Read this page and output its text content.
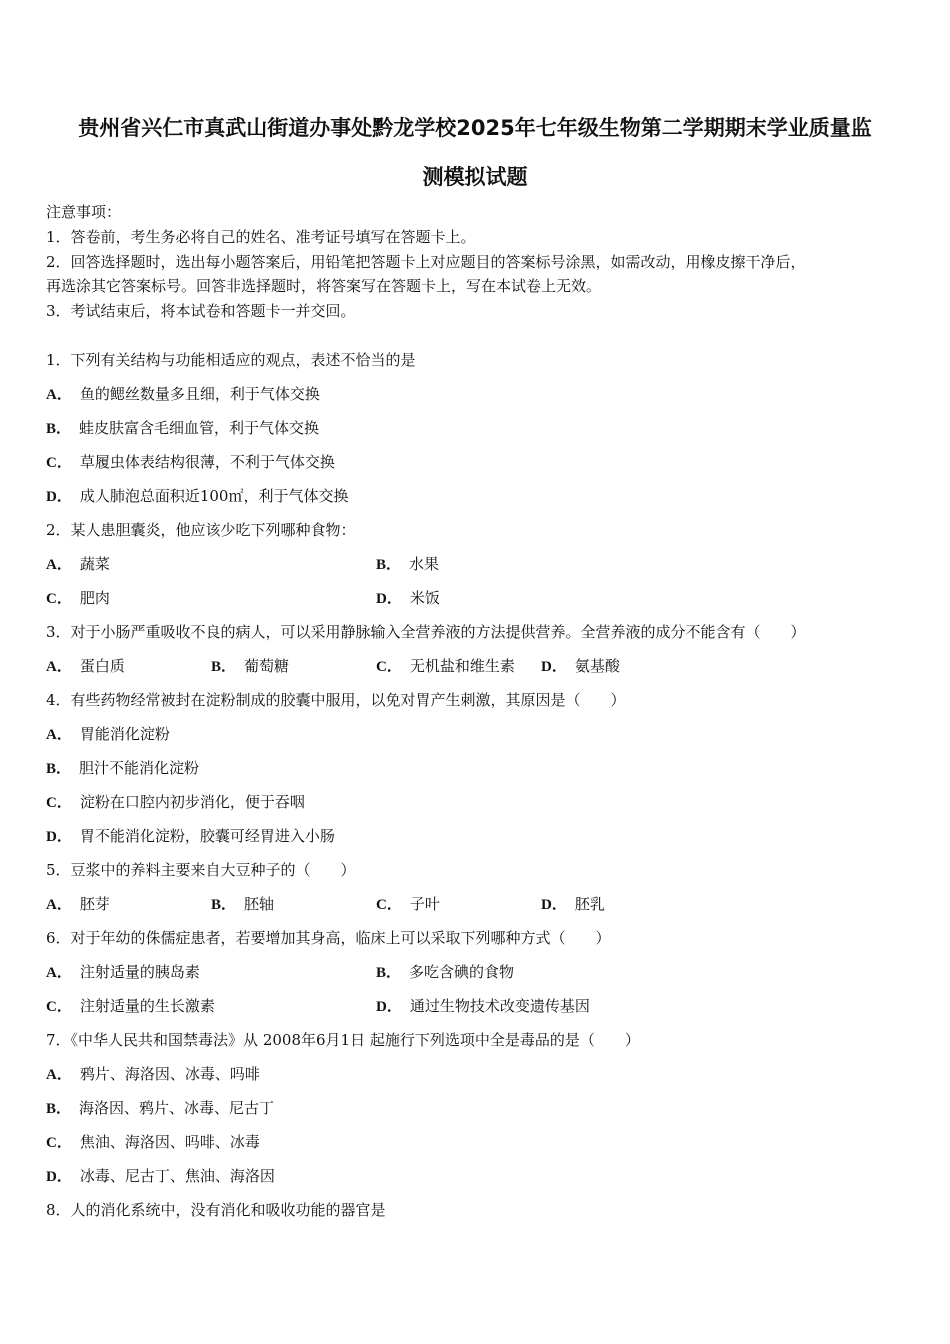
贵州省兴仁市真武山街道办事处黔龙学校2025年七年级生物第二学期期末学业质量监
测模拟试题
注意事项：
1．答卷前，考生务必将自己的姓名、准考证号填写在答题卡上。
2．回答选择题时，选出每小题答案后，用铅笔把答题卡上对应题目的答案标号涂黑，如需改动，用橡皮擦干净后，
再选涂其它答案标号。回答非选择题时，将答案写在答题卡上，写在本试卷上无效。
3．考试结束后，将本试卷和答题卡一并交回。
1．下列有关结构与功能相适应的观点，表述不恰当的是
A． 鱼的鳃丝数量多且细，利于气体交换
B． 蛙皮肤富含毛细血管，利于气体交换
C． 草履虫体表结构很薄，不利于气体交换
D． 成人肺泡总面积近100㎡，利于气体交换
2．某人患胆囊炎，他应该少吃下列哪种食物：
A． 蔬菜	B． 水果
C． 肥肉	D． 米饭
3．对于小肠严重吸收不良的病人，可以采用静脉输入全营养液的方法提供营养。全营养液的成分不能含有（　　）
A． 蛋白质	B． 葡萄糖	C． 无机盐和维生素 D． 氨基酸
4．有些药物经常被封在淀粉制成的胶囊中服用，以免对胃产生刺激，其原因是（　　）
A． 胃能消化淀粉
B． 胆汁不能消化淀粉
C． 淀粉在口腔内初步消化，便于吞咽
D． 胃不能消化淀粉，胶囊可经胃进入小肠
5．豆浆中的养料主要来自大豆种子的（　　）
A． 胚芽	B． 胚轴	C． 子叶	D． 胚乳
6．对于年幼的侏儒症患者，若要增加其身高，临床上可以采取下列哪种方式（　　）
A． 注射适量的胰岛素	B． 多吃含碘的食物
C． 注射适量的生长激素	D． 通过生物技术改变遗传基因
7．《中华人民共和国禁毒法》从 2008年6月1日 起施行下列选项中全是毒品的是（　　）
A． 鸦片、海洛因、冰毒、吗啡
B． 海洛因、鸦片、冰毒、尼古丁
C． 焦油、海洛因、吗啡、冰毒
D． 冰毒、尼古丁、焦油、海洛因
8．人的消化系统中，没有消化和吸收功能的器官是
